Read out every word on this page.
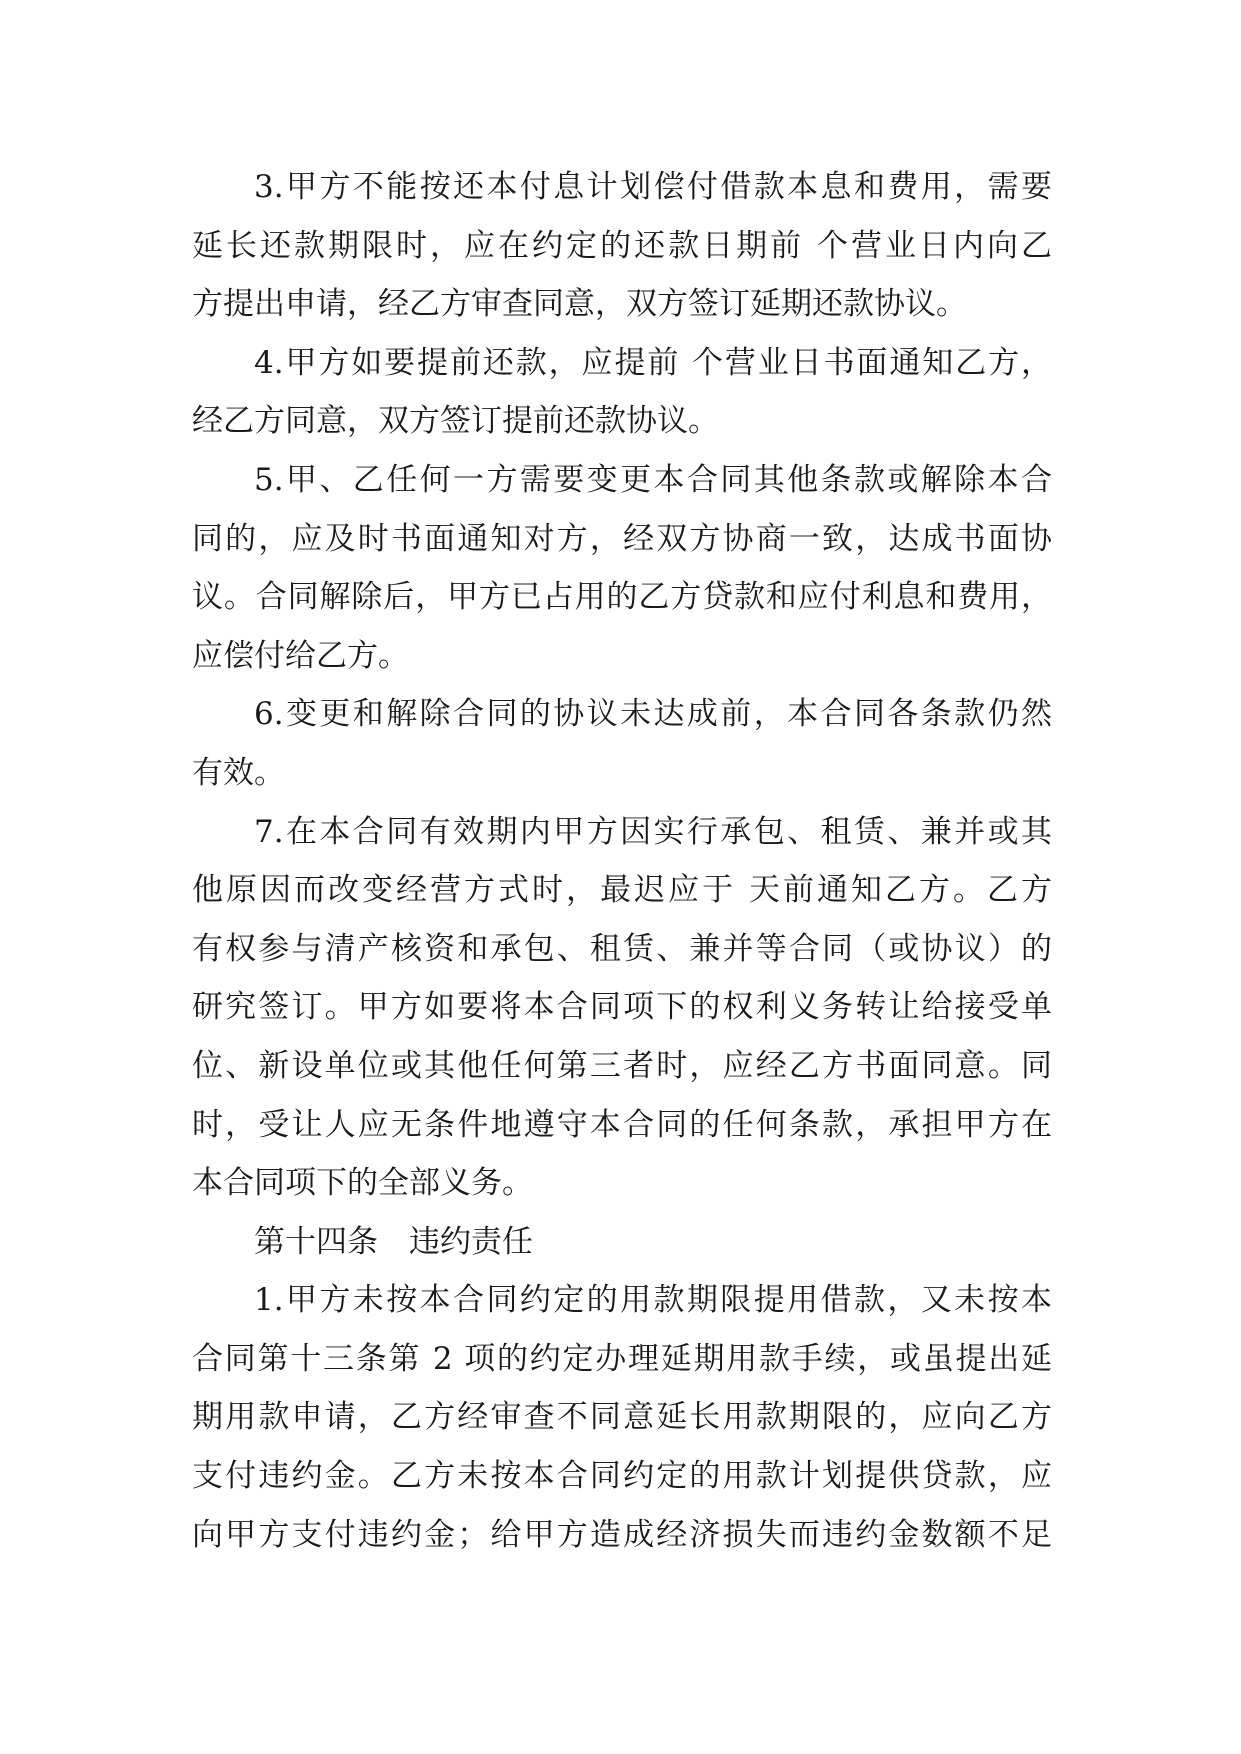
3.甲方不能按还本付息计划偿付借款本息和费用，需要
延长还款期限时，应在约定的还款日期前 个营业日内向乙
方提出申请，经乙方审查同意，双方签订延期还款协议。
4.甲方如要提前还款，应提前 个营业日书面通知乙方，
经乙方同意，双方签订提前还款协议。
5.甲、乙任何一方需要变更本合同其他条款或解除本合
同的，应及时书面通知对方，经双方协商一致，达成书面协
议。合同解除后，甲方已占用的乙方贷款和应付利息和费用，
应偿付给乙方。
6.变更和解除合同的协议未达成前，本合同各条款仍然
有效。
7.在本合同有效期内甲方因实行承包、租赁、兼并或其
他原因而改变经营方式时，最迟应于 天前通知乙方。乙方
有权参与清产核资和承包、租赁、兼并等合同（或协议）的
研究签订。甲方如要将本合同项下的权利义务转让给接受单
位、新设单位或其他任何第三者时，应经乙方书面同意。同
时，受让人应无条件地遵守本合同的任何条款，承担甲方在
本合同项下的全部义务。
第十四条　违约责任
1.甲方未按本合同约定的用款期限提用借款，又未按本
合同第十三条第 2 项的约定办理延期用款手续，或虽提出延
期用款申请，乙方经审查不同意延长用款期限的，应向乙方
支付违约金。乙方未按本合同约定的用款计划提供贷款，应
向甲方支付违约金；给甲方造成经济损失而违约金数额不足
